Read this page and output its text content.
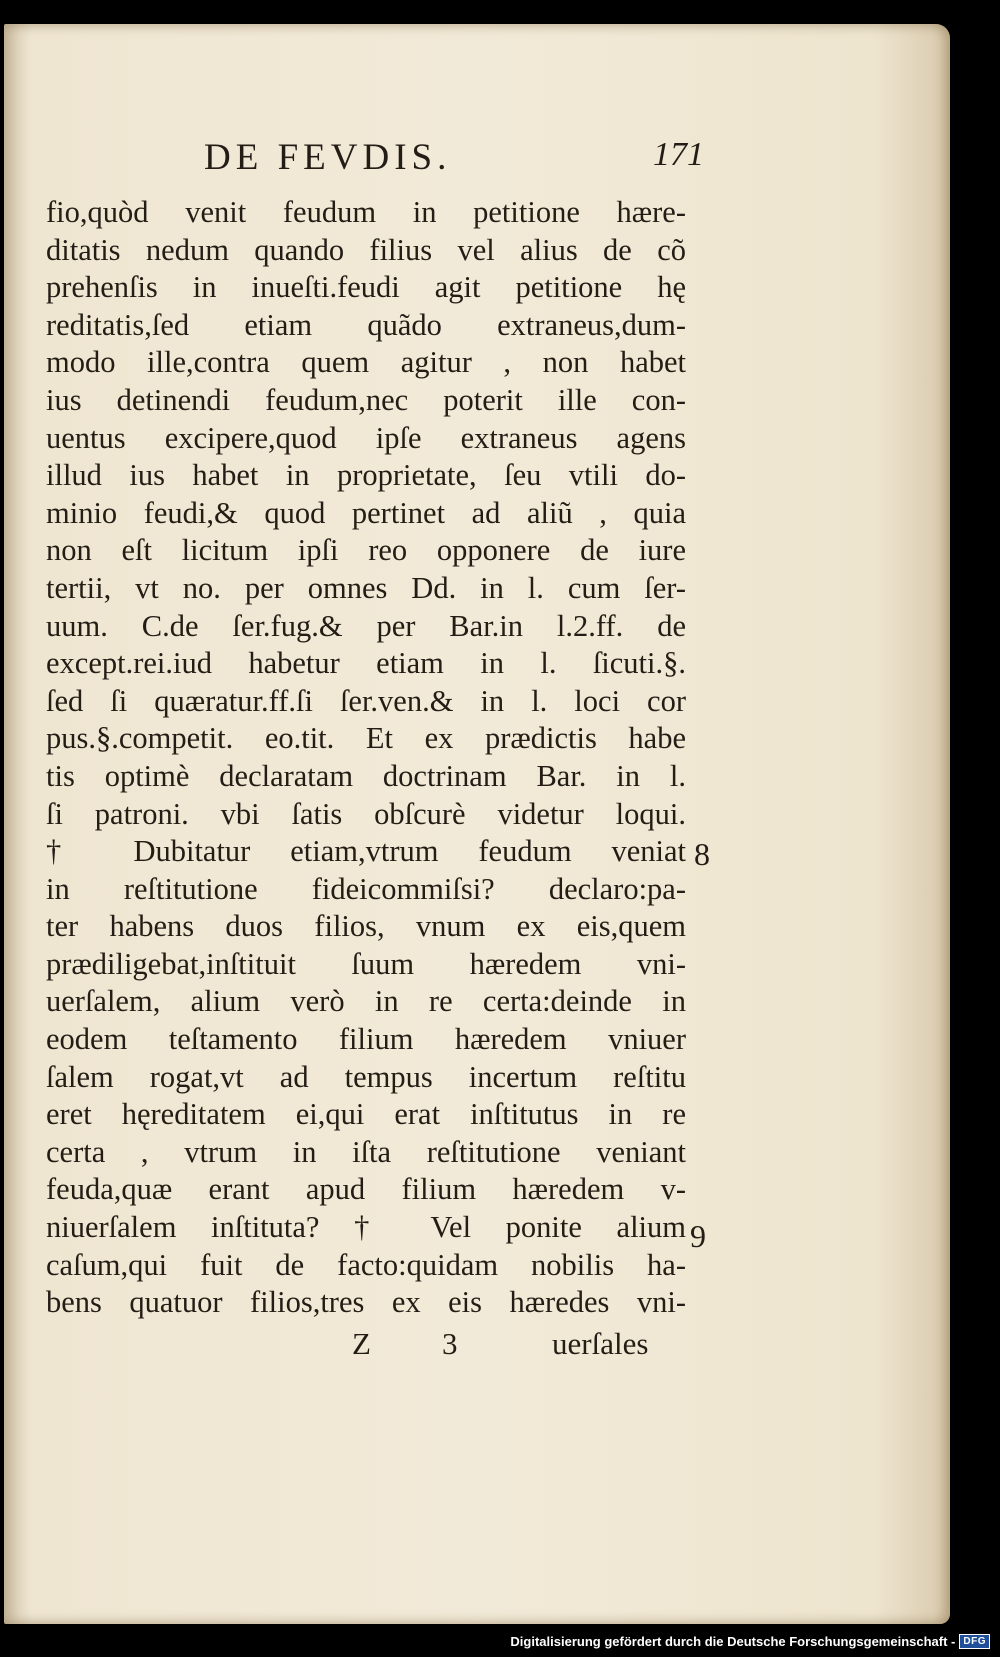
DE FEVDIS.	171
fio,quòd venit feudum in petitione hære-
ditatis nedum quando filius vel alius de cõ
prehenſis in inueſti.feudi agit petitione hę
reditatis,ſed etiam quãdo extraneus,dum-
modo ille,contra quem agitur , non habet
ius detinendi feudum,nec poterit ille con-
uentus excipere,quod ipſe extraneus agens
illud ius habet in proprietate, ſeu vtili do-
minio feudi,& quod pertinet ad aliũ , quia
non eſt licitum ipſi reo opponere de iure
tertii, vt no. per omnes Dd. in l. cum ſer-
uum. C.de ſer.fug.& per Bar.in l.2.ff. de
except.rei.iud habetur etiam in l. ſicuti.§.
ſed ſi quæratur.ff.ſi ſer.ven.& in l. loci cor
pus.§.competit. eo.tit. Et ex prædictis habe
tis optimè declaratam doctrinam Bar. in l.
ſi patroni. vbi ſatis obſcurè videtur loqui.
† Dubitatur etiam,vtrum feudum veniat
in reſtitutione fideicommiſsi? declaro:pa-
ter habens duos filios, vnum ex eis,quem
prædiligebat,inſtituit ſuum hæredem vni-
uerſalem, alium verò in re certa:deinde in
eodem teſtamento filium hæredem vniuer
ſalem rogat,vt ad tempus incertum reſtitu
eret hęreditatem ei,qui erat inſtitutus in re
certa , vtrum in iſta reſtitutione veniant
feuda,quæ erant apud filium hæredem v-
niuerſalem inſtituta? † Vel ponite alium
caſum,qui fuit de facto:quidam nobilis ha-
bens quatuor filios,tres ex eis hæredes vni-
8
9
Z 3	uerſales
Digitalisierung gefördert durch die Deutsche Forschungsgemeinschaft - DFG
